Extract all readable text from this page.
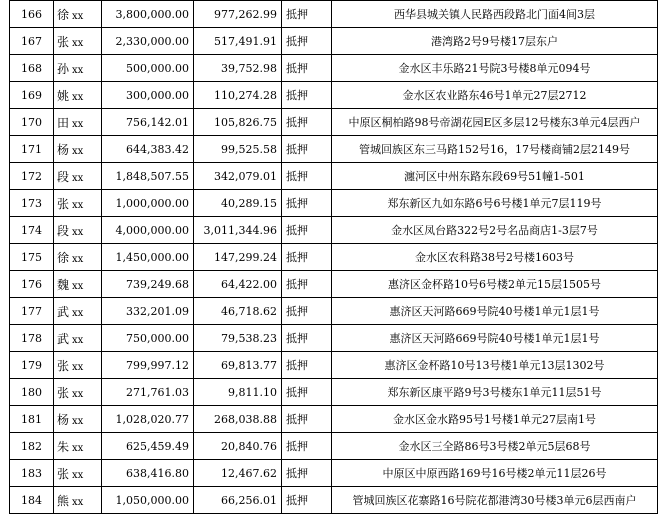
166	徐 xx	3,800,000.00	977,262.99	抵押	西华县城关镇人民路西段路北门面4间3层
167	张 xx	2,330,000.00	517,491.91	抵押	港湾路2号9号楼17层东户
168	孙 xx	500,000.00	39,752.98	抵押	金水区丰乐路21号院3号楼8单元094号
169	姚 xx	300,000.00	110,274.28	抵押	金水区农业路东46号1单元27层2712
170	田 xx	756,142.01	105,826.75	抵押	中原区桐柏路98号帝湖花园E区多层12号楼东3单元4层西户
171	杨 xx	644,383.42	99,525.58	抵押	管城回族区东三马路152号16，17号楼商铺2层2149号
172	段 xx	1,848,507.55	342,079.01	抵押	瀍河区中州东路东段69号51幢1-501
173	张 xx	1,000,000.00	40,289.15	抵押	郑东新区九如东路6号6号楼1单元7层119号
174	段 xx	4,000,000.00	3,011,344.96	抵押	金水区凤台路322号2号名品商店1-3层7号
175	徐 xx	1,450,000.00	147,299.24	抵押	金水区农科路38号2号楼1603号
176	魏 xx	739,249.68	64,422.00	抵押	惠济区金杯路10号6号楼2单元15层1505号
177	武 xx	332,201.09	46,718.62	抵押	惠济区天河路669号院40号楼1单元1层1号
178	武 xx	750,000.00	79,538.23	抵押	惠济区天河路669号院40号楼1单元1层1号
179	张 xx	799,997.12	69,813.77	抵押	惠济区金杯路10号13号楼1单元13层1302号
180	张 xx	271,761.03	9,811.10	抵押	郑东新区康平路9号3号楼东1单元11层51号
181	杨 xx	1,028,020.77	268,038.88	抵押	金水区金水路95号1号楼1单元27层南1号
182	朱 xx	625,459.49	20,840.76	抵押	金水区三全路86号3号楼2单元5层68号
183	张 xx	638,416.80	12,467.62	抵押	中原区中原西路169号16号楼2单元11层26号
184	熊 xx	1,050,000.00	66,256.01	抵押	管城回族区花寨路16号院花都港湾30号楼3单元6层西南户
